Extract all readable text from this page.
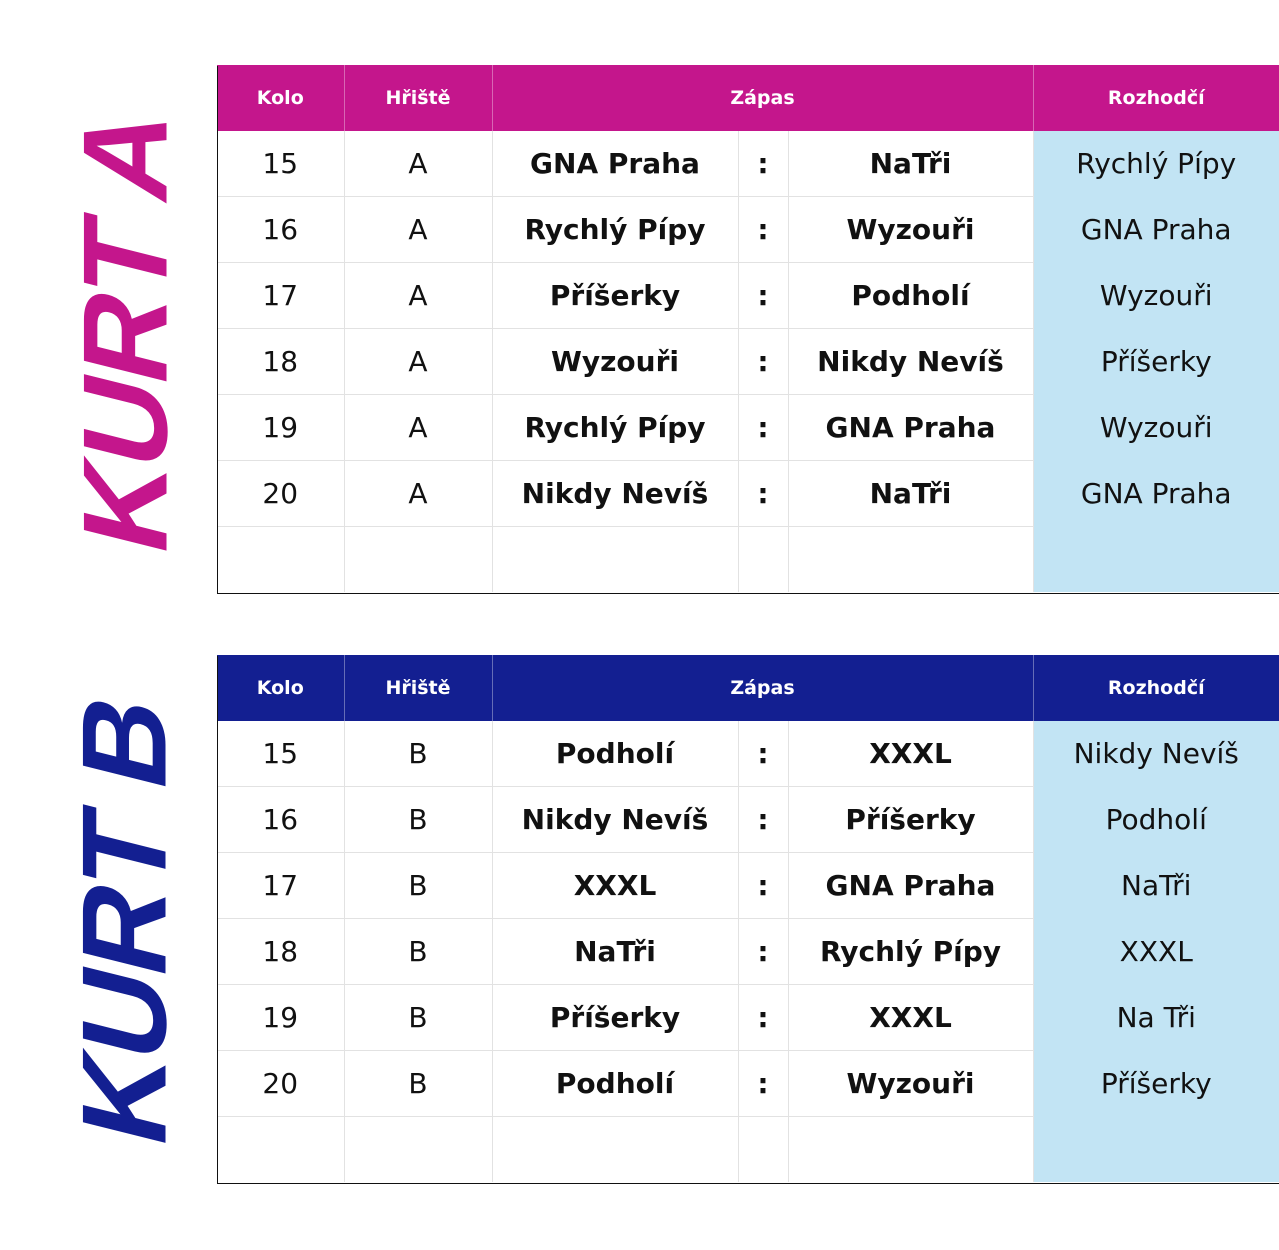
KURT A	Kolo	Hřiště	Zápas			Rozhodčí
15	A	GNA Praha	:	NaTři	Rychlý Pípy
16	A	Rychlý Pípy	:	Wyzouři	GNA Praha
17	A	Příšerky	:	Podholí	Wyzouři
18	A	Wyzouři	:	Nikdy Nevíš	Příšerky
19	A	Rychlý Pípy	:	GNA Praha	Wyzouři
20	A	Nikdy Nevíš	:	NaTři	GNA Praha

KURT B	Kolo	Hřiště	Zápas			Rozhodčí
15	B	Podholí	:	XXXL	Nikdy Nevíš
16	B	Nikdy Nevíš	:	Příšerky	Podholí
17	B	XXXL	:	GNA Praha	NaTři
18	B	NaTři	:	Rychlý Pípy	XXXL
19	B	Příšerky	:	XXXL	Na Tři
20	B	Podholí	:	Wyzouři	Příšerky
